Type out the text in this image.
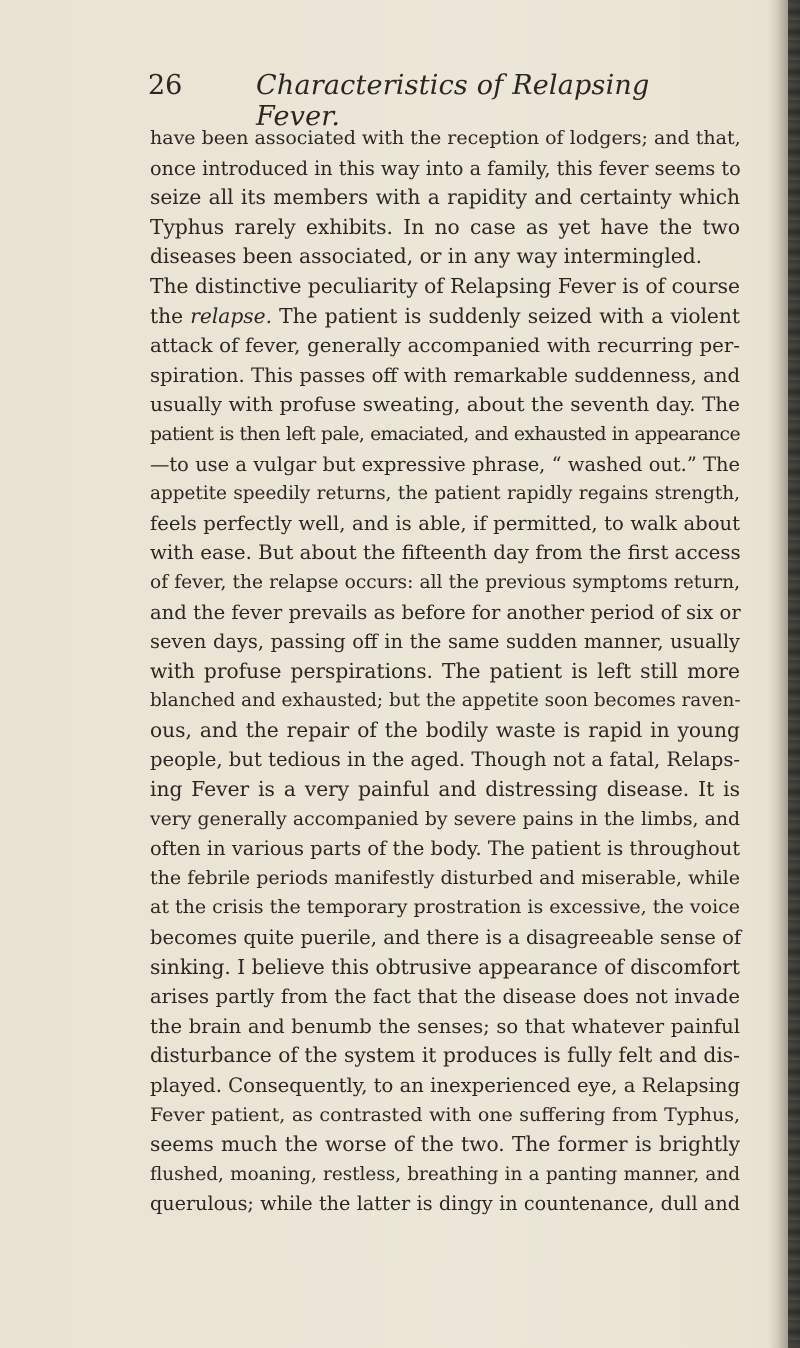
26	Characteristics of Relapsing Fever.
have been associated with the reception of lodgers; and that,
once introduced in this way into a family, this fever seems to
seize all its members with a rapidity and certainty which
Typhus rarely exhibits. In no case as yet have the two
diseases been associated, or in any way intermingled.
The distinctive peculiarity of Relapsing Fever is of course
the relapse. The patient is suddenly seized with a violent
attack of fever, generally accompanied with recurring per-
spiration. This passes off with remarkable suddenness, and
usually with profuse sweating, about the seventh day. The
patient is then left pale, emaciated, and exhausted in appearance
—to use a vulgar but expressive phrase, “ washed out.” The
appetite speedily returns, the patient rapidly regains strength,
feels perfectly well, and is able, if permitted, to walk about
with ease. But about the fifteenth day from the first access
of fever, the relapse occurs: all the previous symptoms return,
and the fever prevails as before for another period of six or
seven days, passing off in the same sudden manner, usually
with profuse perspirations. The patient is left still more
blanched and exhausted; but the appetite soon becomes raven-
ous, and the repair of the bodily waste is rapid in young
people, but tedious in the aged. Though not a fatal, Relaps-
ing Fever is a very painful and distressing disease. It is
very generally accompanied by severe pains in the limbs, and
often in various parts of the body. The patient is throughout
the febrile periods manifestly disturbed and miserable, while
at the crisis the temporary prostration is excessive, the voice
becomes quite puerile, and there is a disagreeable sense of
sinking. I believe this obtrusive appearance of discomfort
arises partly from the fact that the disease does not invade
the brain and benumb the senses; so that whatever painful
disturbance of the system it produces is fully felt and dis-
played. Consequently, to an inexperienced eye, a Relapsing
Fever patient, as contrasted with one suffering from Typhus,
seems much the worse of the two. The former is brightly
flushed, moaning, restless, breathing in a panting manner, and
querulous; while the latter is dingy in countenance, dull and
